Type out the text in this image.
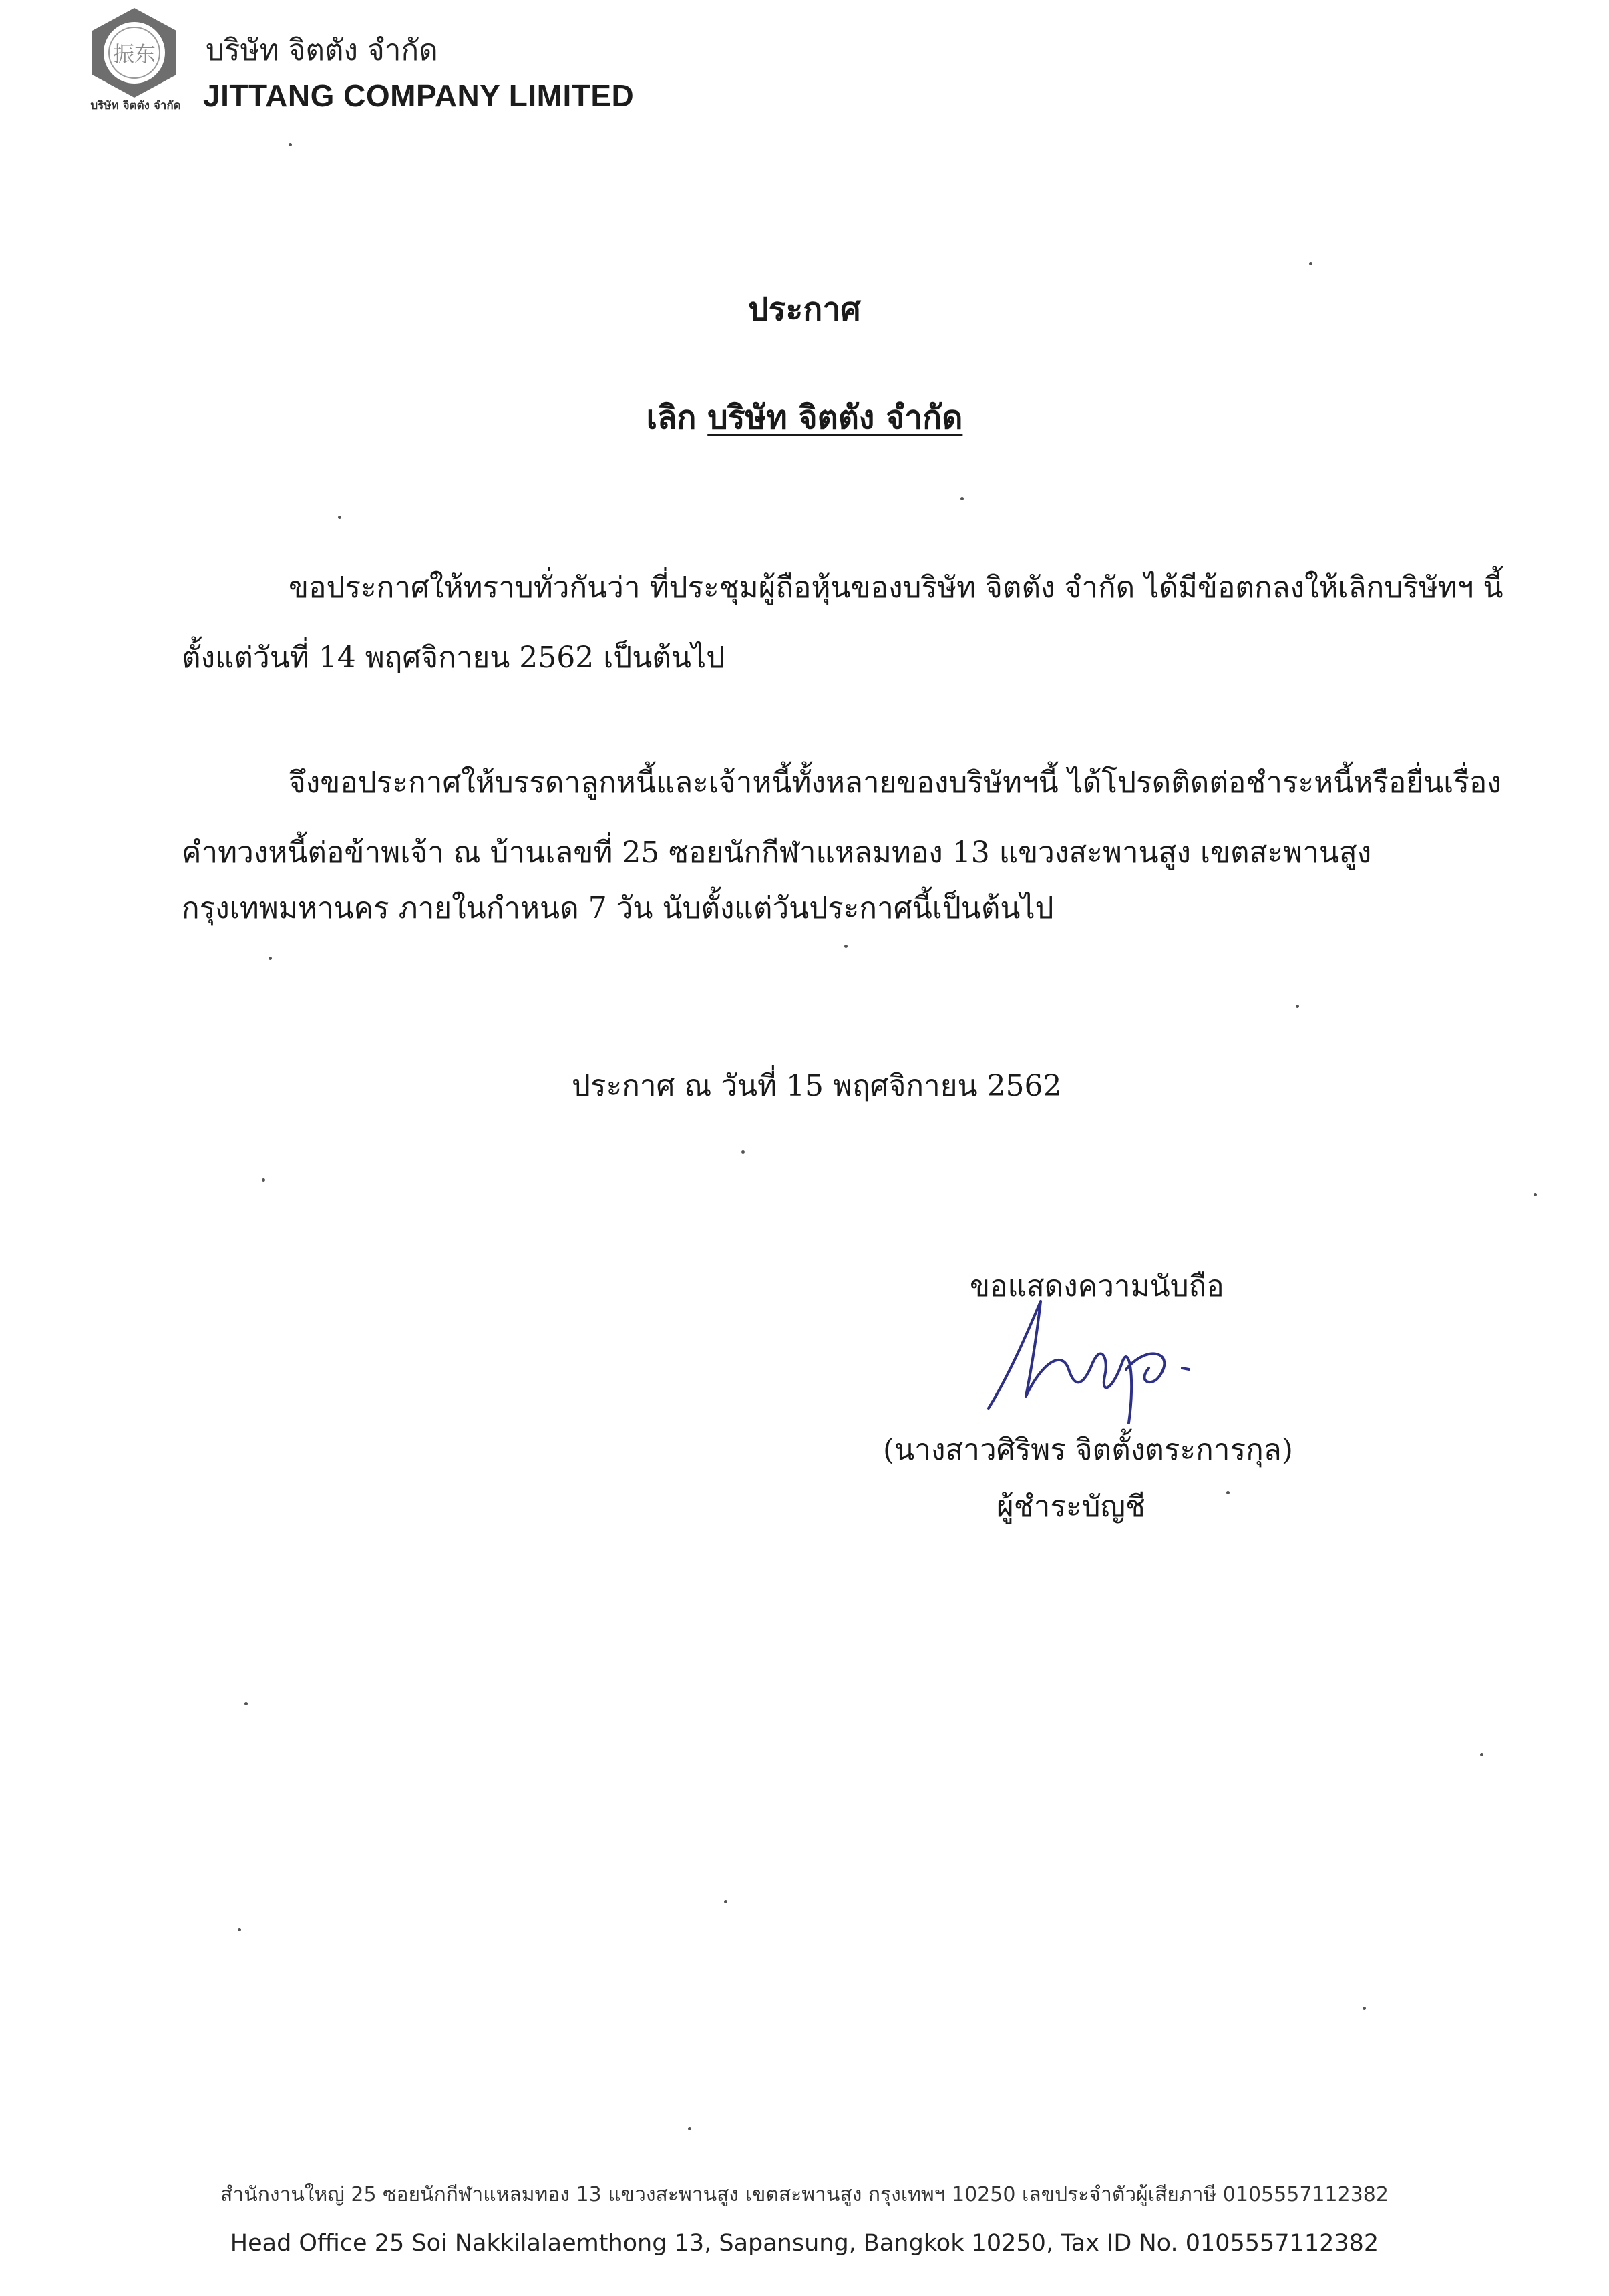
振东
บริษัท จิตตัง จำกัด
บริษัท จิตตัง จำกัด
JITTANG COMPANY LIMITED
ประกาศ
เลิก บริษัท จิตตัง จำกัด
ขอประกาศให้ทราบทั่วกันว่า ที่ประชุมผู้ถือหุ้นของบริษัท จิตตัง จำกัด ได้มีข้อตกลงให้เลิกบริษัทฯ นี้
ตั้งแต่วันที่ 14 พฤศจิกายน 2562 เป็นต้นไป
จึงขอประกาศให้บรรดาลูกหนี้และเจ้าหนี้ทั้งหลายของบริษัทฯนี้ ได้โปรดติดต่อชำระหนี้หรือยื่นเรื่อง
คำทวงหนี้ต่อข้าพเจ้า ณ บ้านเลขที่ 25 ซอยนักกีฬาแหลมทอง 13 แขวงสะพานสูง เขตสะพานสูง
กรุงเทพมหานคร ภายในกำหนด 7 วัน นับตั้งแต่วันประกาศนี้เป็นต้นไป
ประกาศ ณ วันที่ 15 พฤศจิกายน 2562
ขอแสดงความนับถือ
(นางสาวศิริพร จิตตั้งตระการกุล)
ผู้ชำระบัญชี
สำนักงานใหญ่ 25 ซอยนักกีฬาแหลมทอง 13 แขวงสะพานสูง เขตสะพานสูง กรุงเทพฯ 10250 เลขประจำตัวผู้เสียภาษี 0105557112382
Head Office 25 Soi Nakkilalaemthong 13, Sapansung, Bangkok 10250, Tax ID No. 0105557112382
